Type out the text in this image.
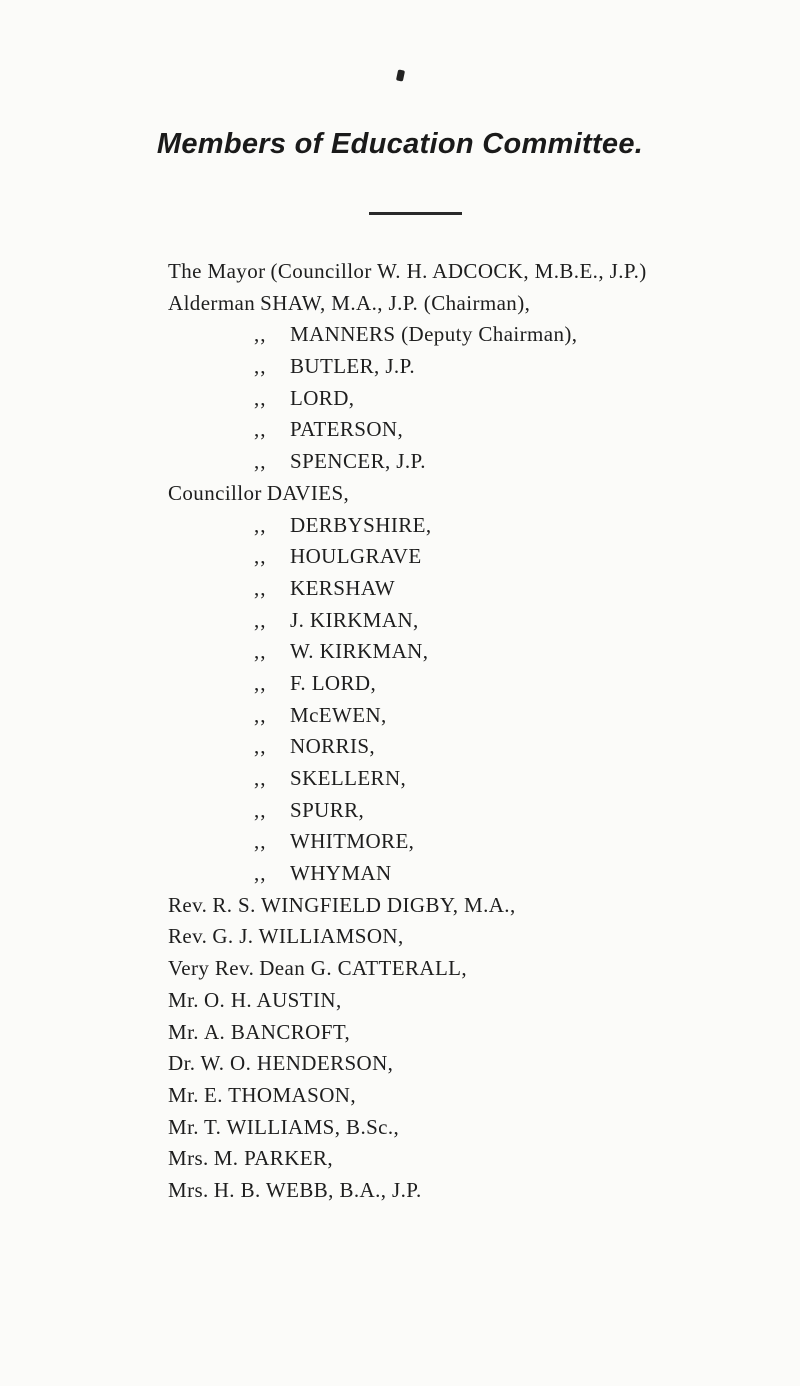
Members of Education Committee.
The Mayor (Councillor W. H. ADCOCK, M.B.E., J.P.)
Alderman SHAW, M.A., J.P. (Chairman),
,, MANNERS (Deputy Chairman),
,, BUTLER, J.P.
,, LORD,
,, PATERSON,
,, SPENCER, J.P.
Councillor DAVIES,
,, DERBYSHIRE,
,, HOULGRAVE
,, KERSHAW
,, J. KIRKMAN,
,, W. KIRKMAN,
,, F. LORD,
,, McEWEN,
,, NORRIS,
,, SKELLERN,
,, SPURR,
,, WHITMORE,
,, WHYMAN
Rev. R. S. WINGFIELD DIGBY, M.A.,
Rev. G. J. WILLIAMSON,
Very Rev. Dean G. CATTERALL,
Mr. O. H. AUSTIN,
Mr. A. BANCROFT,
Dr. W. O. HENDERSON,
Mr. E. THOMASON,
Mr. T. WILLIAMS, B.Sc.,
Mrs. M. PARKER,
Mrs. H. B. WEBB, B.A., J.P.
